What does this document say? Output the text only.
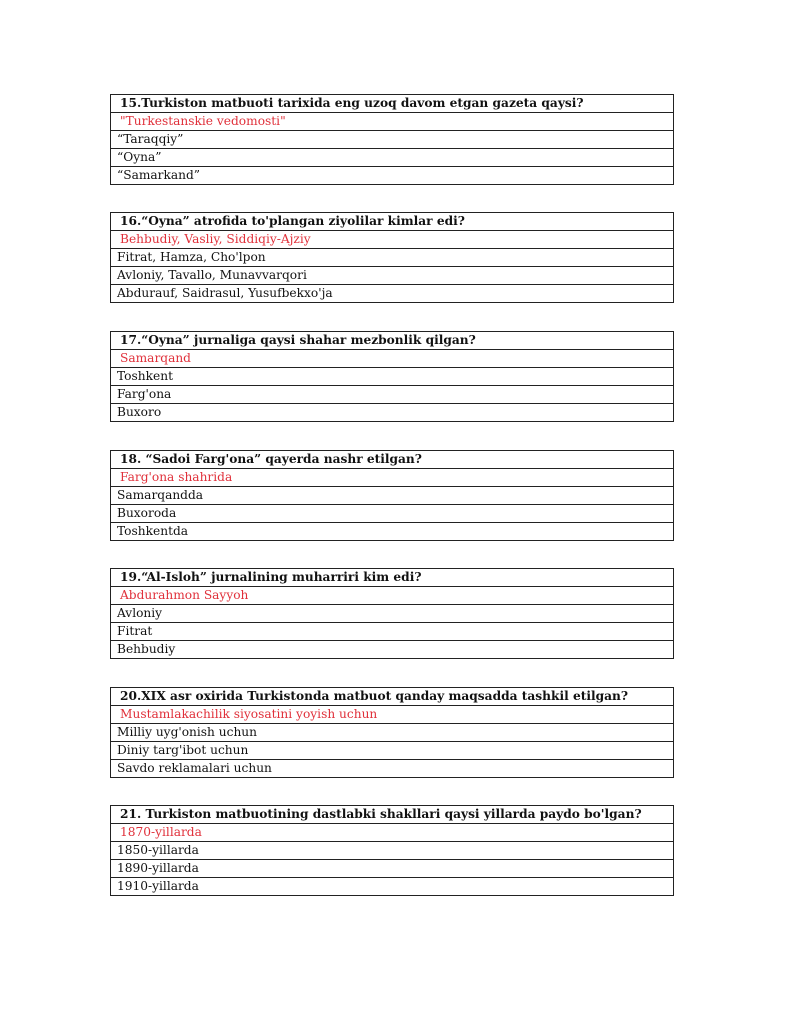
15.Turkiston matbuoti tarixida eng uzoq davom etgan gazeta qaysi?
"Turkestanskie vedomosti"
“Taraqqiy”
“Oyna”
“Samarkand”
16.“Oyna” atrofida to'plangan ziyolilar kimlar edi?
Behbudiy, Vasliy, Siddiqiy-Ajziy
Fitrat, Hamza, Cho'lpon
Avloniy, Tavallo, Munavvarqori
Abdurauf, Saidrasul, Yusufbekxo'ja
17.“Oyna” jurnaliga qaysi shahar mezbonlik qilgan?
Samarqand
Toshkent
Farg'ona
Buxoro
18. “Sadoi Farg'ona” qayerda nashr etilgan?
Farg'ona shahrida
Samarqandda
Buxoroda
Toshkentda
19.“Al-Isloh” jurnalining muharriri kim edi?
Abdurahmon Sayyoh
Avloniy
Fitrat
Behbudiy
20.XIX asr oxirida Turkistonda matbuot qanday maqsadda tashkil etilgan?
Mustamlakachilik siyosatini yoyish uchun
Milliy uyg'onish uchun
Diniy targ'ibot uchun
Savdo reklamalari uchun
21. Turkiston matbuotining dastlabki shakllari qaysi yillarda paydo bo'lgan?
1870-yillarda
1850-yillarda
1890-yillarda
1910-yillarda
